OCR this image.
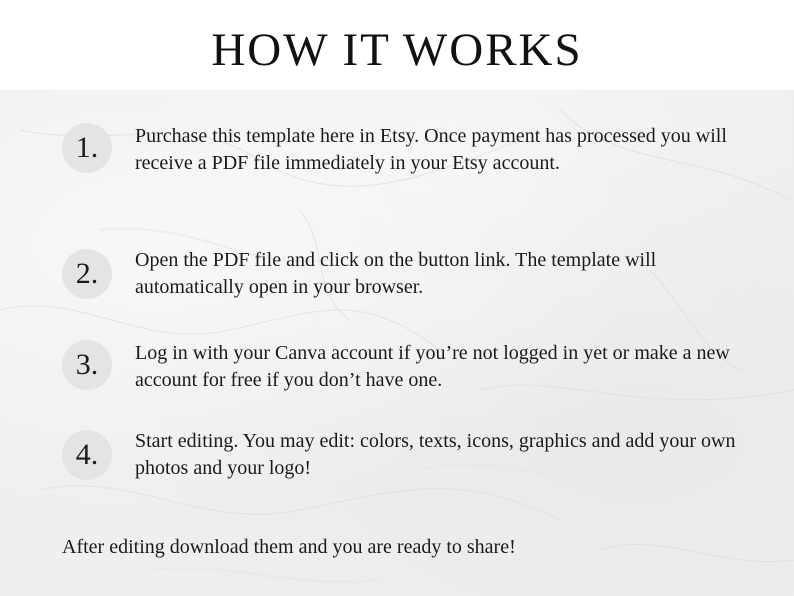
HOW IT WORKS
1.	Purchase this template here in Etsy. Once payment has processed you will receive a PDF file immediately in your Etsy account.
2.	Open the PDF file and click on the button link. The template will automatically open in your browser.
3.	Log in with your Canva account if you’re not logged in yet or make a new account for free if you don’t have one.
4.	Start editing. You may edit: colors, texts, icons, graphics and add your own photos and your logo!
After editing download them and you are ready to share!
